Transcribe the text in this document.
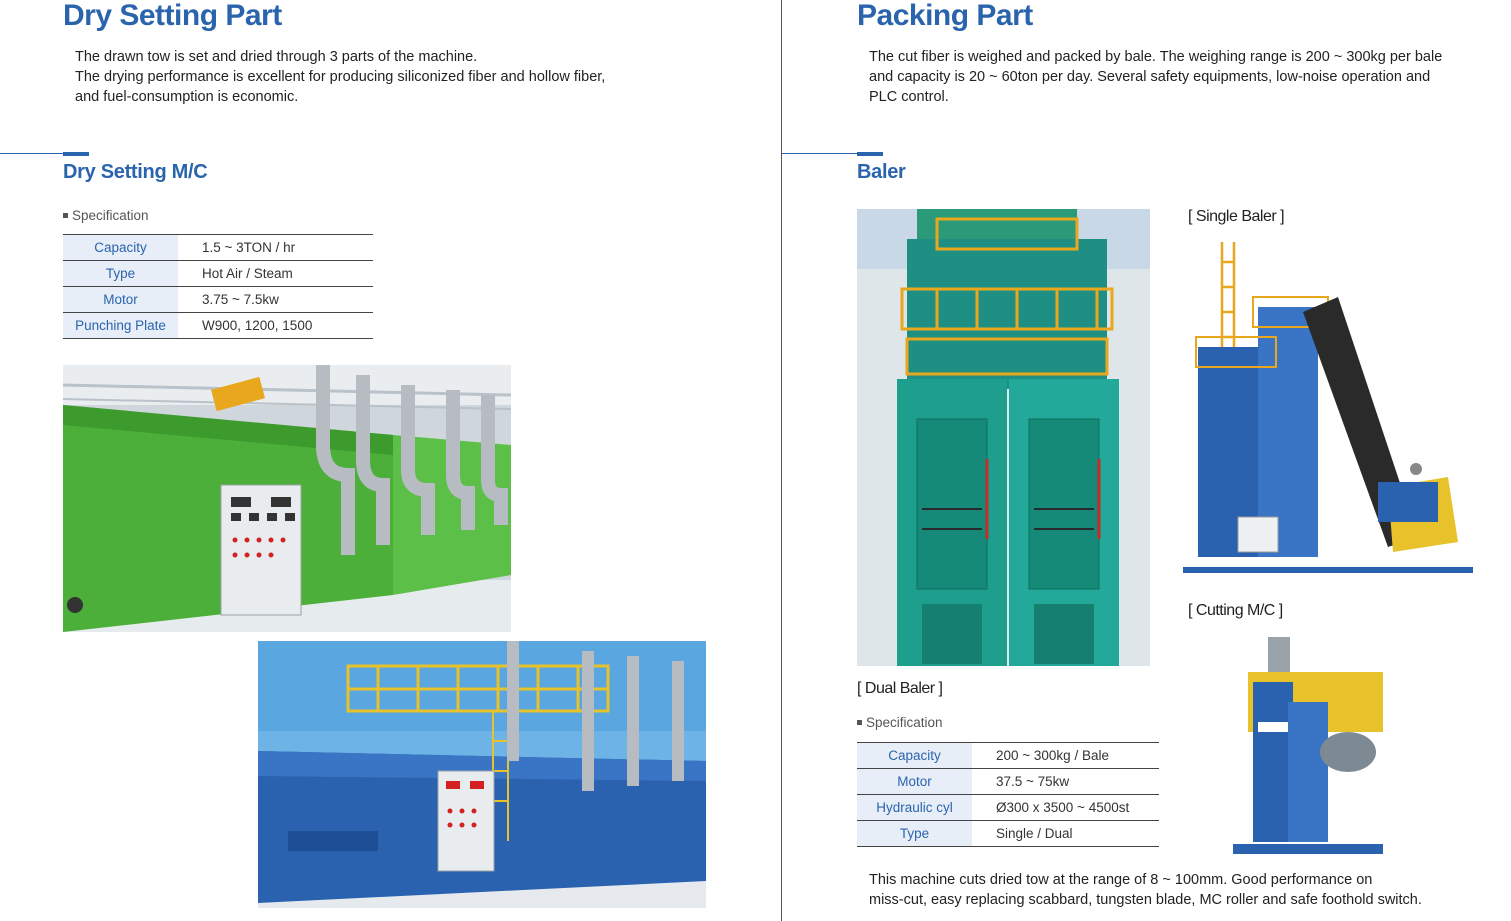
Dry Setting Part
The drawn tow is set and dried through 3 parts of the machine.
The drying performance is excellent for producing siliconized fiber and hollow fiber,
and fuel-consumption is economic.
Dry Setting M/C
Specification
Capacity		1.5 ~ 3TON / hr
Type		Hot Air / Steam
Motor		3.75 ~ 7.5kw
Punching Plate		W900, 1200, 1500
Packing Part
The cut fiber is weighed and packed by bale. The weighing range is 200 ~ 300kg per bale
and capacity is 20 ~ 60ton per day. Several safety equipments, low-noise operation and
PLC control.
Baler
[ Dual Baler ]
[ Single Baler ]
[ Cutting M/C ]
Specification
Capacity		200 ~ 300kg / Bale
Motor		37.5 ~ 75kw
Hydraulic cyl		Ø300 x 3500 ~ 4500st
Type		Single / Dual
This machine cuts dried tow at the range of 8 ~ 100mm. Good performance on
miss-cut, easy replacing scabbard, tungsten blade, MC roller and safe foothold switch.
